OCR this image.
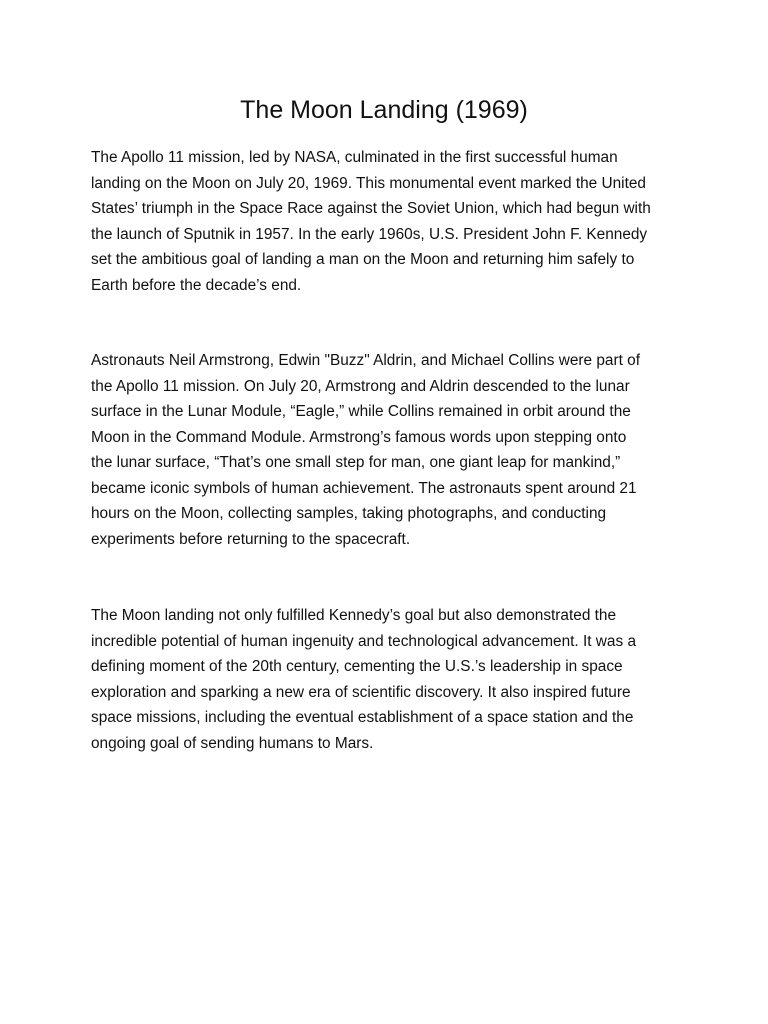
The Moon Landing (1969)

The Apollo 11 mission, led by NASA, culminated in the first successful human
landing on the Moon on July 20, 1969. This monumental event marked the United
States’ triumph in the Space Race against the Soviet Union, which had begun with
the launch of Sputnik in 1957. In the early 1960s, U.S. President John F. Kennedy
set the ambitious goal of landing a man on the Moon and returning him safely to
Earth before the decade’s end.

Astronauts Neil Armstrong, Edwin "Buzz" Aldrin, and Michael Collins were part of
the Apollo 11 mission. On July 20, Armstrong and Aldrin descended to the lunar
surface in the Lunar Module, “Eagle,” while Collins remained in orbit around the
Moon in the Command Module. Armstrong’s famous words upon stepping onto
the lunar surface, “That’s one small step for man, one giant leap for mankind,”
became iconic symbols of human achievement. The astronauts spent around 21
hours on the Moon, collecting samples, taking photographs, and conducting
experiments before returning to the spacecraft.

The Moon landing not only fulfilled Kennedy’s goal but also demonstrated the
incredible potential of human ingenuity and technological advancement. It was a
defining moment of the 20th century, cementing the U.S.’s leadership in space
exploration and sparking a new era of scientific discovery. It also inspired future
space missions, including the eventual establishment of a space station and the
ongoing goal of sending humans to Mars.
